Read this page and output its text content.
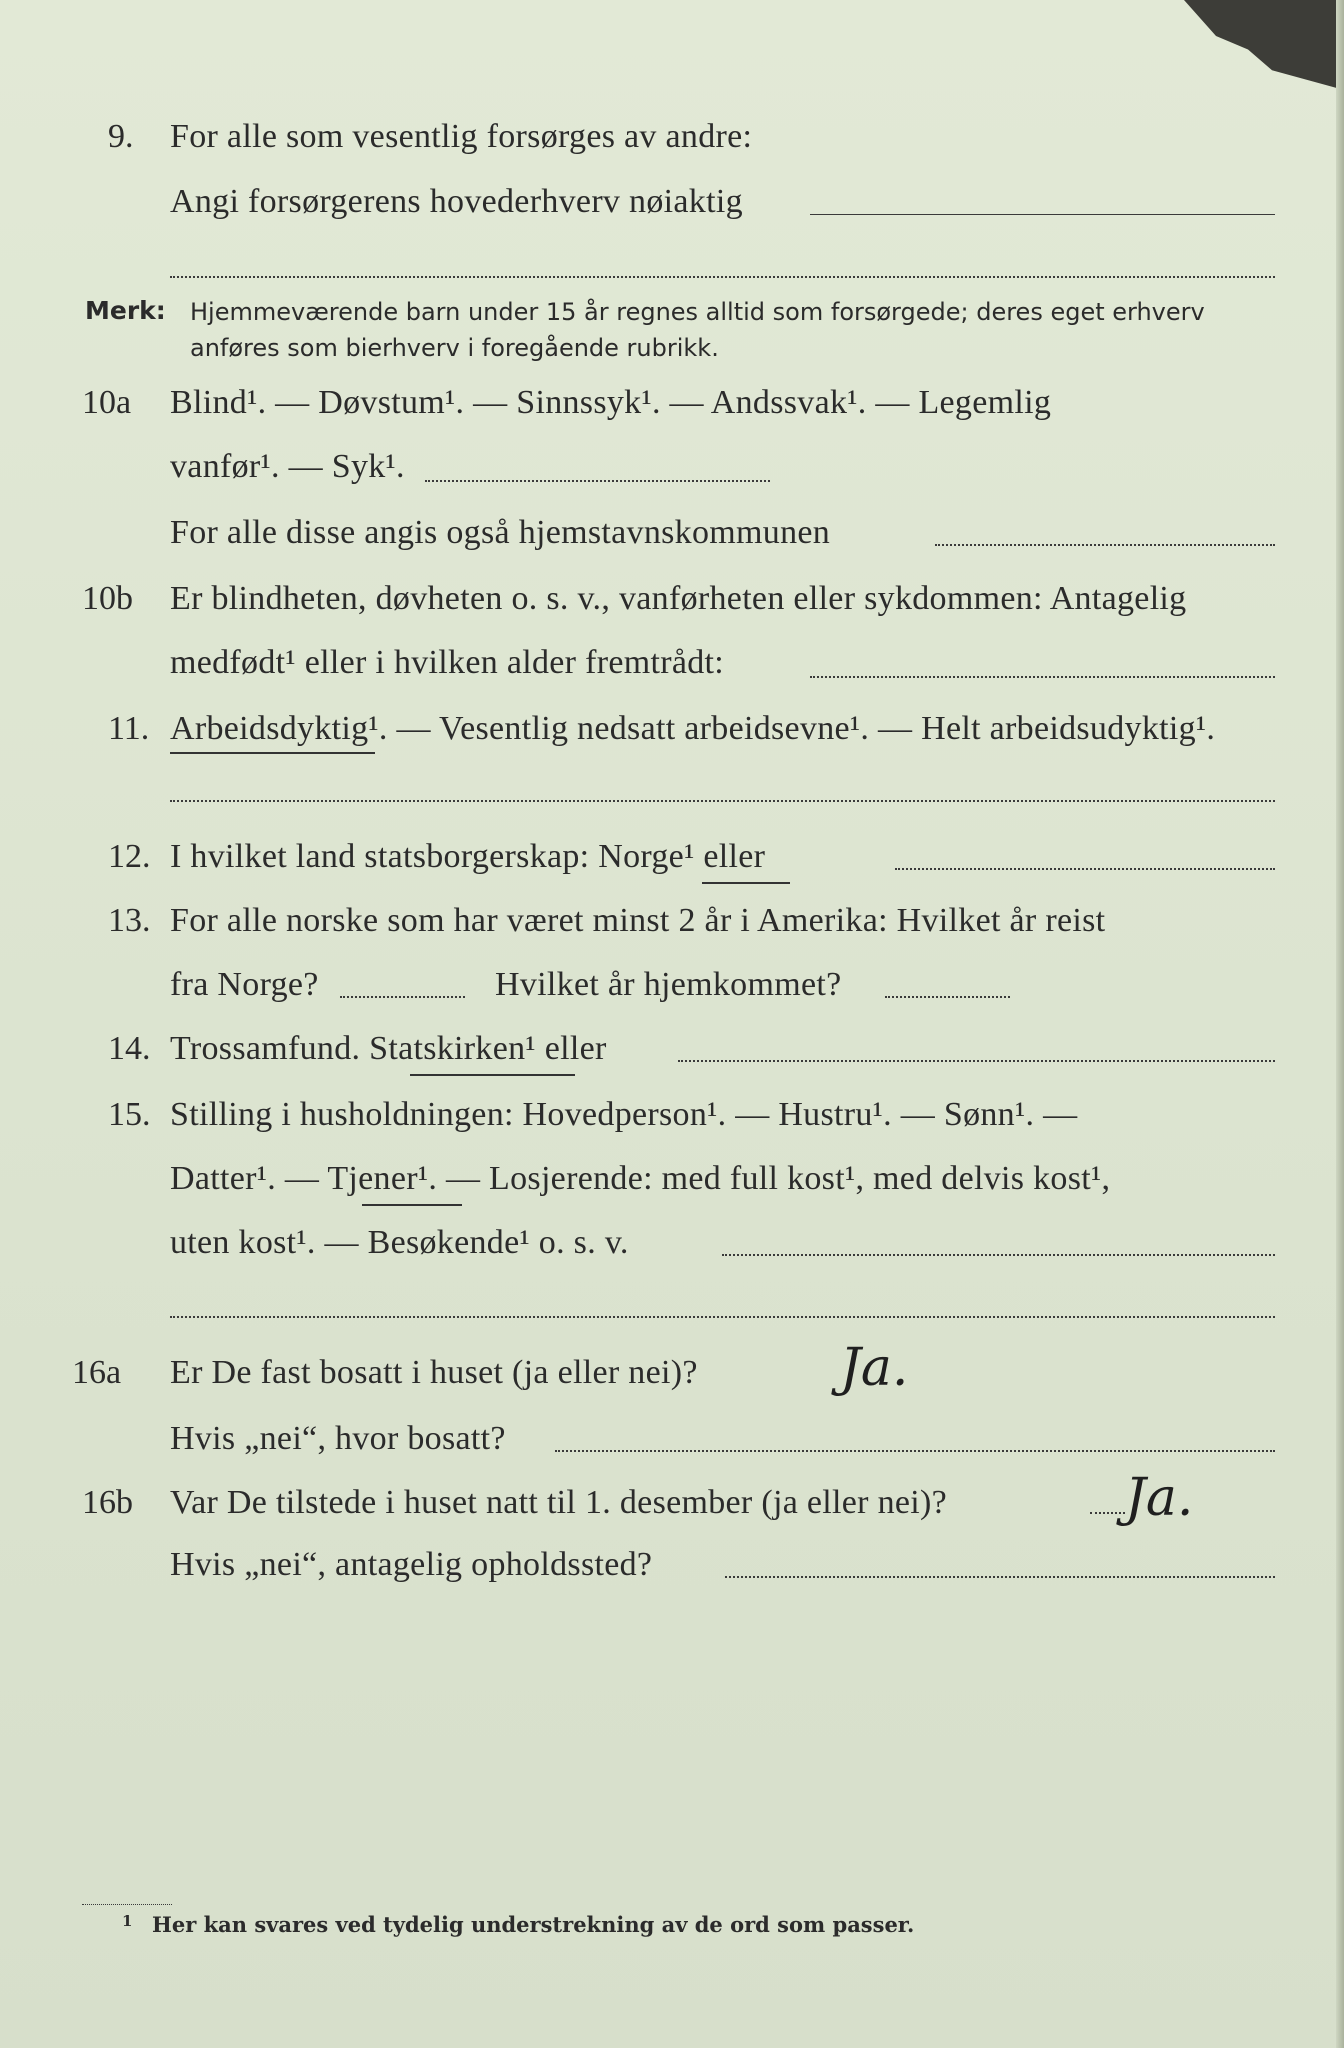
9. For alle som vesentlig forsørges av andre:
Angi forsørgerens hovederhverv nøiaktig
Merk: Hjemmeværende barn under 15 år regnes alltid som forsørgede; deres eget erhverv
anføres som bierhverv i foregående rubrikk.
10a Blind¹. — Døvstum¹. — Sinnssyk¹. — Andssvak¹. — Legemlig
vanfør¹. — Syk¹.
For alle disse angis også hjemstavnskommunen
10b Er blindheten, døvheten o. s. v., vanførheten eller sykdommen: Antagelig
medfødt¹ eller i hvilken alder fremtrådt:
11. Arbeidsdyktig¹. — Vesentlig nedsatt arbeidsevne¹. — Helt arbeidsudyktig¹.
12. I hvilket land statsborgerskap: Norge¹ eller
13. For alle norske som har været minst 2 år i Amerika: Hvilket år reist
fra Norge?	Hvilket år hjemkommet?
14. Trossamfund. Statskirken¹ eller
15. Stilling i husholdningen: Hovedperson¹. — Hustru¹. — Sønn¹. —
Datter¹. — Tjener¹. — Losjerende: med full kost¹, med delvis kost¹,
uten kost¹. — Besøkende¹ o. s. v.
16a Er De fast bosatt i huset (ja eller nei)?	Ja.
Hvis „nei“, hvor bosatt?
16b Var De tilstede i huset natt til 1. desember (ja eller nei)?	Ja.
Hvis „nei“, antagelig opholdssted?
1 Her kan svares ved tydelig understrekning av de ord som passer.
